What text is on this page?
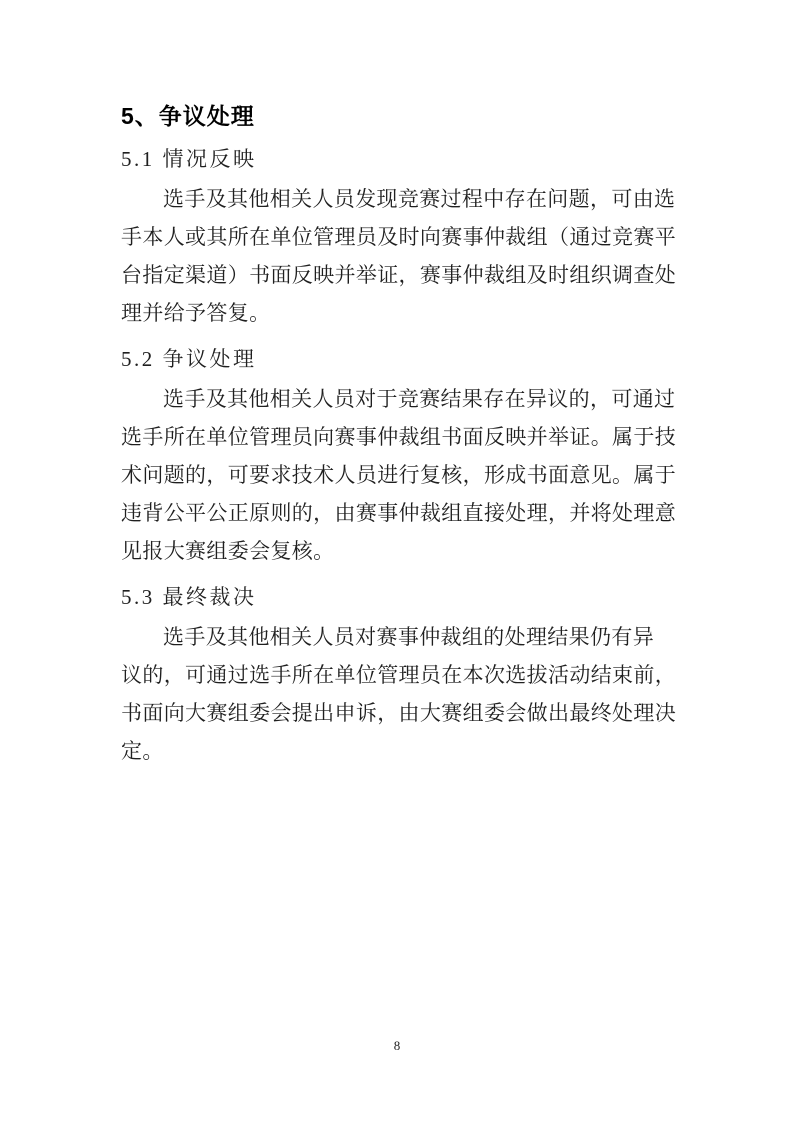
5、争议处理
5.1 情况反映
选手及其他相关人员发现竞赛过程中存在问题，可由选
手本人或其所在单位管理员及时向赛事仲裁组（通过竞赛平
台指定渠道）书面反映并举证，赛事仲裁组及时组织调查处
理并给予答复。
5.2 争议处理
选手及其他相关人员对于竞赛结果存在异议的，可通过
选手所在单位管理员向赛事仲裁组书面反映并举证。属于技
术问题的，可要求技术人员进行复核，形成书面意见。属于
违背公平公正原则的，由赛事仲裁组直接处理，并将处理意
见报大赛组委会复核。
5.3 最终裁决
选手及其他相关人员对赛事仲裁组的处理结果仍有异
议的，可通过选手所在单位管理员在本次选拔活动结束前，
书面向大赛组委会提出申诉，由大赛组委会做出最终处理决
定。
8
